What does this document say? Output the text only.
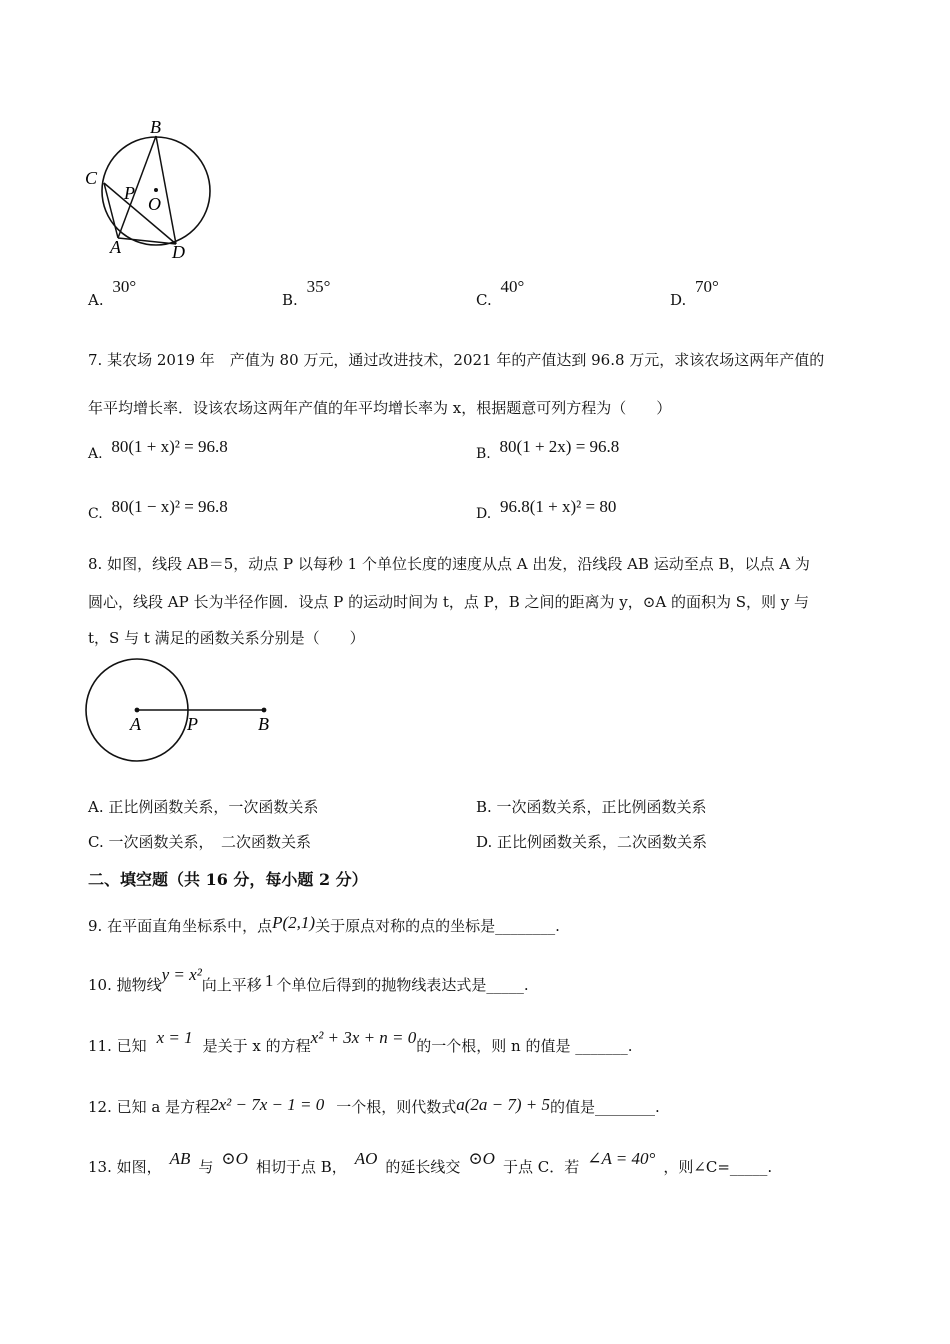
B
C
P
O
A	D
A. 30°
B. 35°
C. 40°
D. 70°
7. 某农场 2019 年　产值为 80 万元，通过改进技术，2021 年的产值达到 96.8 万元，求该农场这两年产值的
年平均增长率．设该农场这两年产值的年平均增长率为 x，根据题意可列方程为（　　）
A. 80(1 + x)² = 96.8	B. 80(1 + 2x) = 96.8
C. 80(1 − x)² = 96.8	D. 96.8(1 + x)² = 80
8. 如图，线段 AB＝5，动点 P 以每秒 1 个单位长度的速度从点 A 出发，沿线段 AB 运动至点 B，以点 A 为
圆心，线段 AP 长为半径作圆．设点 P 的运动时间为 t，点 P，B 之间的距离为 y，⊙A 的面积为 S，则 y 与
t，S 与 t 满足的函数关系分别是（　　）
A	P	B
A. 正比例函数关系，一次函数关系	B. 一次函数关系，正比例函数关系
C. 一次函数关系，　二次函数关系	D. 正比例函数关系，二次函数关系
二、填空题（共 16 分，每小题 2 分）
9. 在平面直角坐标系中，点P(2,1)关于原点对称的点的坐标是________.
10. 抛物线y = x²向上平移 1 个单位后得到的抛物线表达式是_____.
11. 已知 x = 1 是关于 x 的方程x² + 3x + n = 0的一个根，则 n 的值是 _______.
12. 已知 a 是方程2x² − 7x − 1 = 0 一个根，则代数式a(2a − 7) + 5的值是________.
13. 如图， AB 与 ⊙O 相切于点 B， AO 的延长线交 ⊙O 于点 C．若 ∠A = 40° ，则∠C=_____.
